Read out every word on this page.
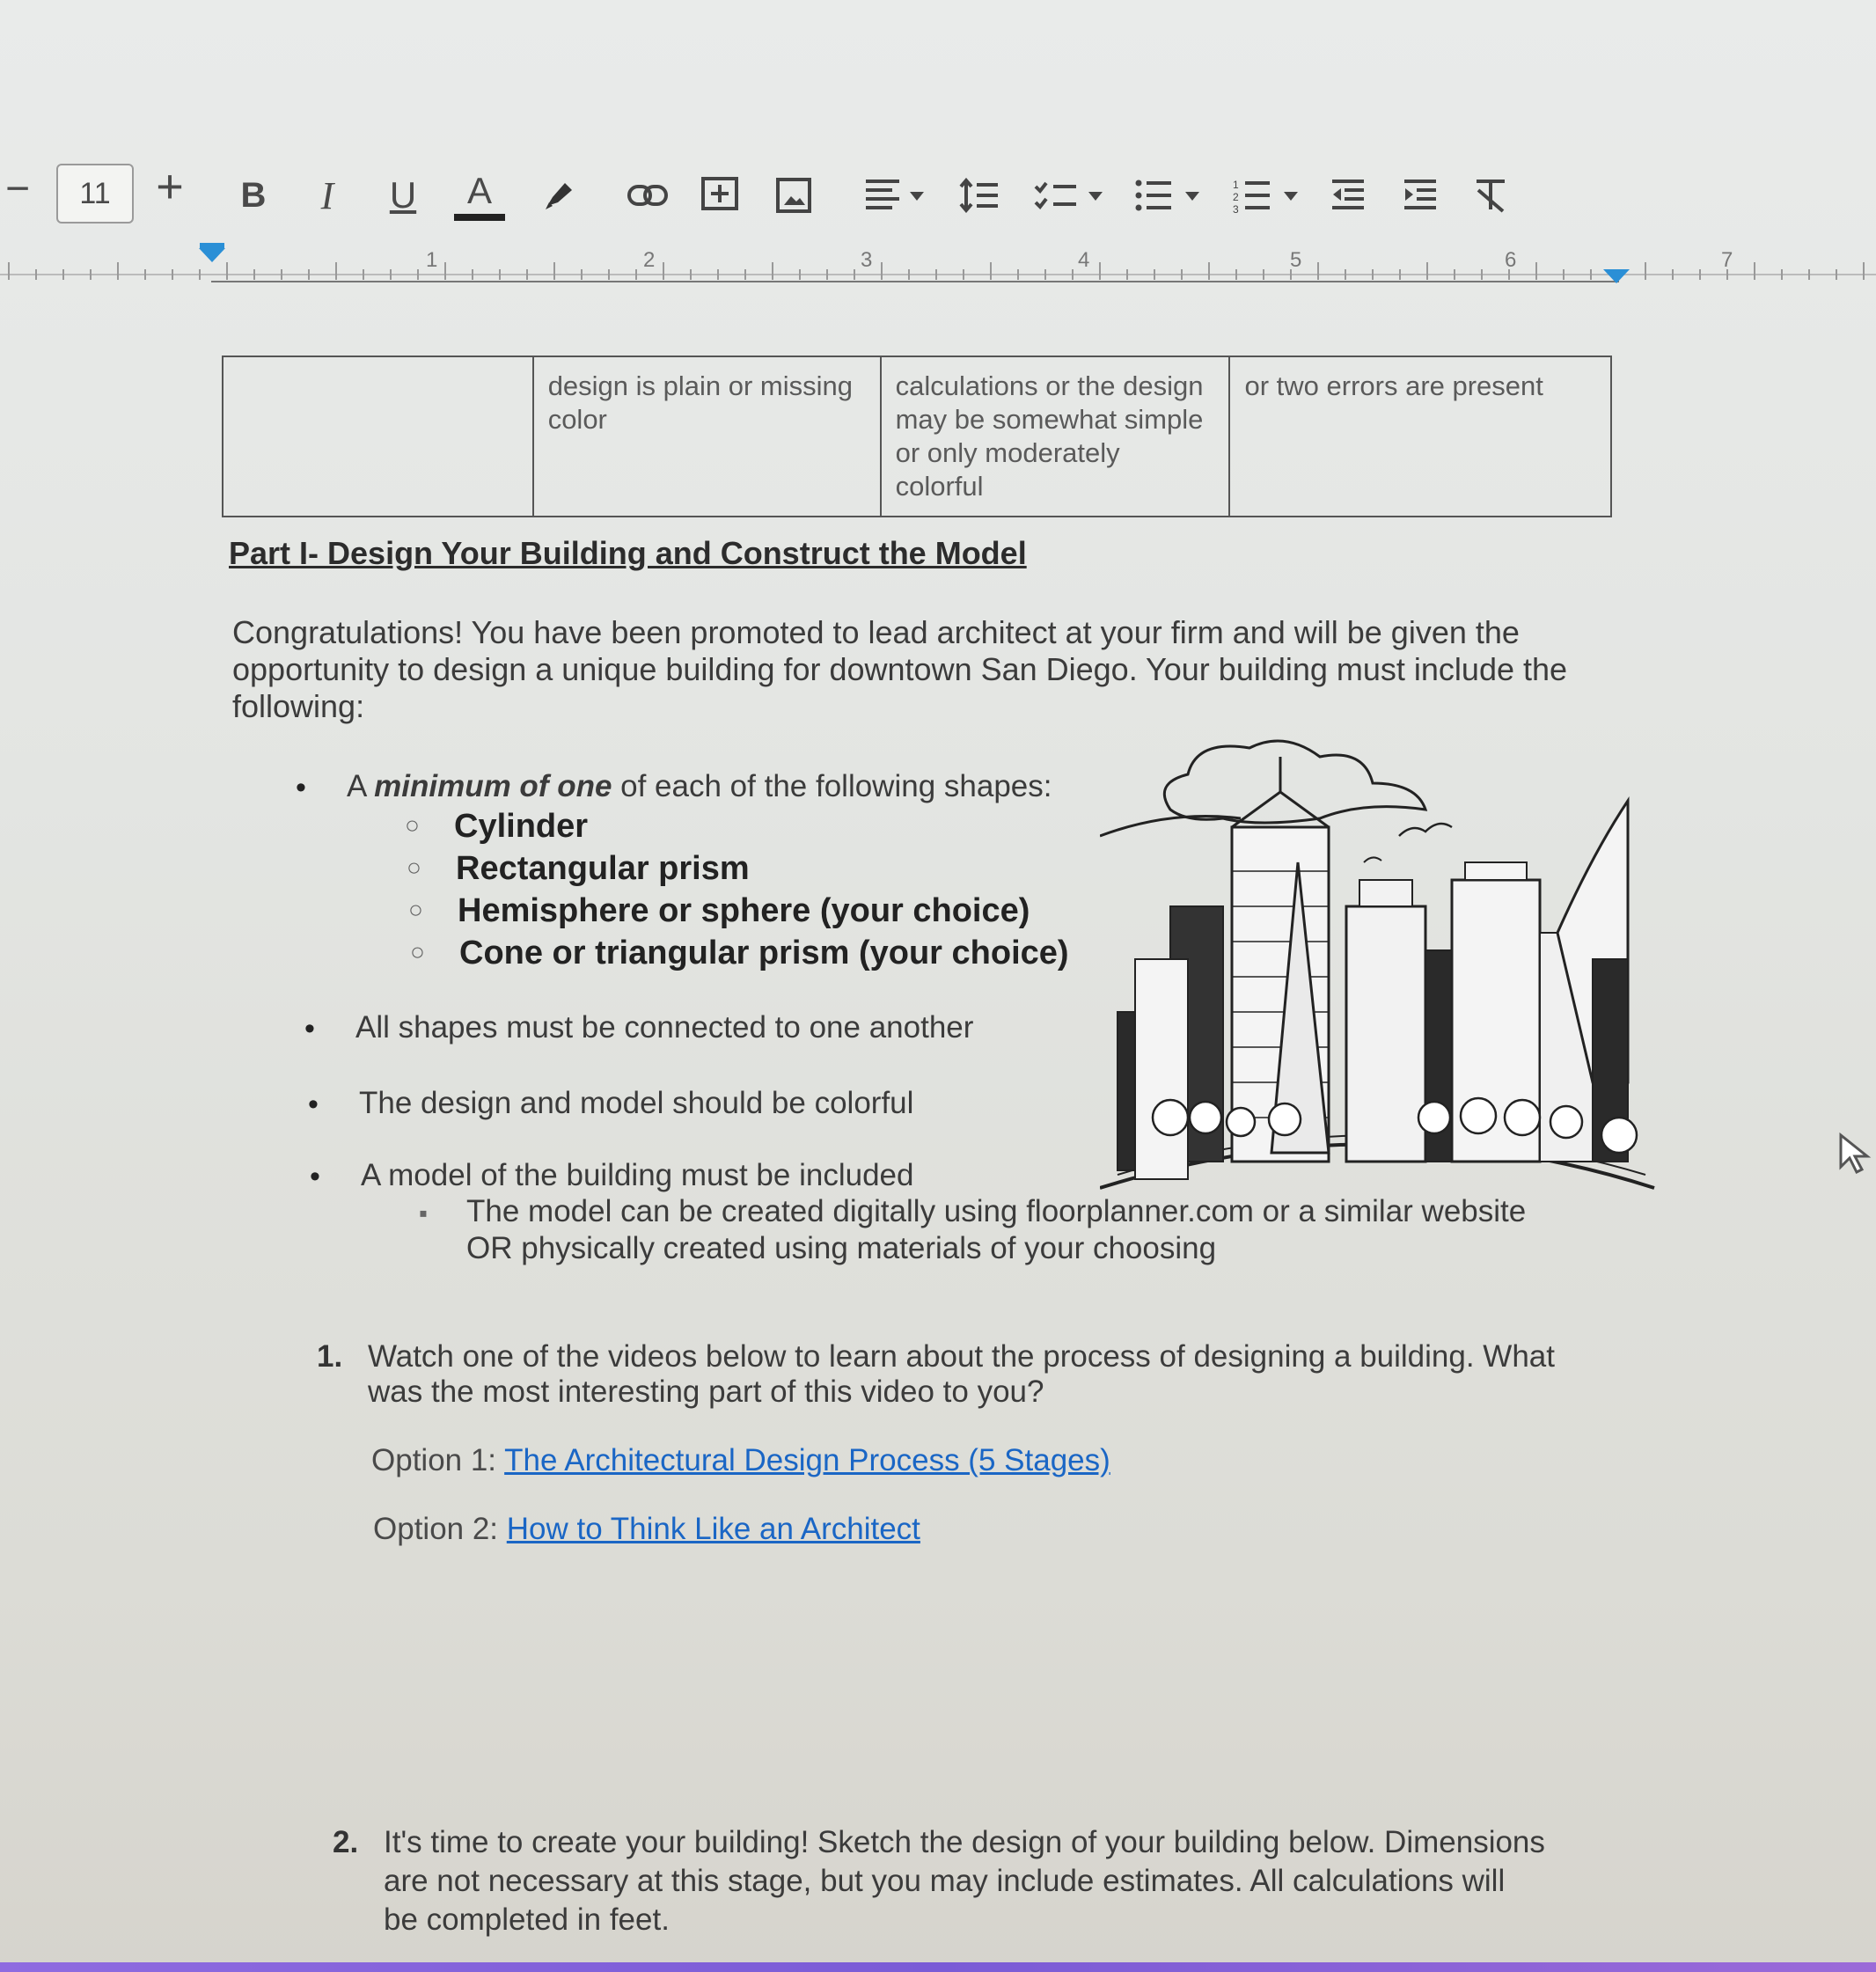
−	11 + B I	U A	1
2
3
1	2	3	4	5	6	7
	design is plain or missing color	calculations or the design may be somewhat simple or only moderately colorful	or two errors are present
Part I- Design Your Building and Construct the Model
Congratulations! You have been promoted to lead architect at your firm and will be given the opportunity to design a unique building for downtown San Diego. Your building must include the following:
• A minimum of one of each of the following shapes:
○ Cylinder
○ Rectangular prism
○ Hemisphere or sphere (your choice)
○ Cone or triangular prism (your choice)
• All shapes must be connected to one another
• The design and model should be colorful
• A model of the building must be included
▪ The model can be created digitally using floorplanner.com or a similar website OR physically created using materials of your choosing
1. Watch one of the videos below to learn about the process of designing a building. What was the most interesting part of this video to you?
Option 1: The Architectural Design Process (5 Stages)
Option 2: How to Think Like an Architect
2. It's time to create your building! Sketch the design of your building below. Dimensions are not necessary at this stage, but you may include estimates. All calculations will be completed in feet.
